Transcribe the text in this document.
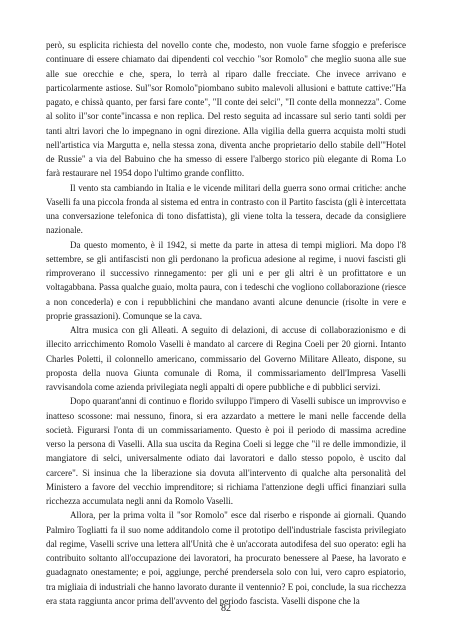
però, su esplicita richiesta del novello conte che, modesto, non vuole farne sfoggio e preferisce continuare di essere chiamato dai dipendenti col vecchio "sor Romolo" che meglio suona alle sue alle sue orecchie e che, spera, lo terrà al riparo dalle frecciate. Che invece arrivano e particolarmente astiose. Sul"sor Romolo"piombano subito malevoli allusioni e battute cattive:"Ha pagato, e chissà quanto, per farsi fare conte", "Il conte dei selci", "Il conte della monnezza". Come al solito il"sor conte"incassa e non replica. Del resto seguita ad incassare sul serio tanti soldi per tanti altri lavori che lo impegnano in ogni direzione. Alla vigilia della guerra acquista molti studi nell'artistica via Margutta e, nella stessa zona, diventa anche proprietario dello stabile dell'"Hotel de Russie" a via del Babuino che ha smesso di essere l'albergo storico più elegante di Roma Lo farà restaurare nel 1954 dopo l'ultimo grande conflitto.

Il vento sta cambiando in Italia e le vicende militari della guerra sono ormai critiche: anche Vaselli fa una piccola fronda al sistema ed entra in contrasto con il Partito fascista (gli è intercettata una conversazione telefonica di tono disfattista), gli viene tolta la tessera, decade da consigliere nazionale.

Da questo momento, è il 1942, si mette da parte in attesa di tempi migliori. Ma dopo l'8 settembre, se gli antifascisti non gli perdonano la proficua adesione al regime, i nuovi fascisti gli rimproverano il successivo rinnegamento: per gli uni e per gli altri è un profittatore e un voltagabbana. Passa qualche guaio, molta paura, con i tedeschi che vogliono collaborazione (riesce a non concederla) e con i repubblichini che mandano avanti alcune denuncie (risolte in vere e proprie grassazioni). Comunque se la cava.

Altra musica con gli Alleati. A seguito di delazioni, di accuse di collaborazionismo e di illecito arricchimento Romolo Vaselli è mandato al carcere di Regina Coeli per 20 giorni. Intanto Charles Poletti, il colonnello americano, commissario del Governo Militare Alleato, dispone, su proposta della nuova Giunta comunale di Roma, il commissariamento dell'Impresa Vaselli ravvisandola come azienda privilegiata negli appalti di opere pubbliche e di pubblici servizi.

Dopo quarant'anni di continuo e florido sviluppo l'impero di Vaselli subisce un improvviso e inatteso scossone: mai nessuno, finora, si era azzardato a mettere le mani nelle faccende della società. Figurarsi l'onta di un commissariamento. Questo è poi il periodo di massima acredine verso la persona di Vaselli. Alla sua uscita da Regina Coeli si legge che "il re delle immondizie, il mangiatore di selci, universalmente odiato dai lavoratori e dallo stesso popolo, è uscito dal carcere". Si insinua che la liberazione sia dovuta all'intervento di qualche alta personalità del Ministero a favore del vecchio imprenditore; si richiama l'attenzione degli uffici finanziari sulla ricchezza accumulata negli anni da Romolo Vaselli.

Allora, per la prima volta il "sor Romolo" esce dal riserbo e risponde ai giornali. Quando Palmiro Togliatti fa il suo nome additandolo come il prototipo dell'industriale fascista privilegiato dal regime, Vaselli scrive una lettera all'Unità che è un'accorata autodifesa del suo operato: egli ha contribuito soltanto all'occupazione dei lavoratori, ha procurato benessere al Paese, ha lavorato e guadagnato onestamente; e poi, aggiunge, perché prendersela solo con lui, vero capro espiatorio, tra migliaia di industriali che hanno lavorato durante il ventennio? E poi, conclude, la sua ricchezza era stata raggiunta ancor prima dell'avvento del periodo fascista. Vaselli dispone che la

82
